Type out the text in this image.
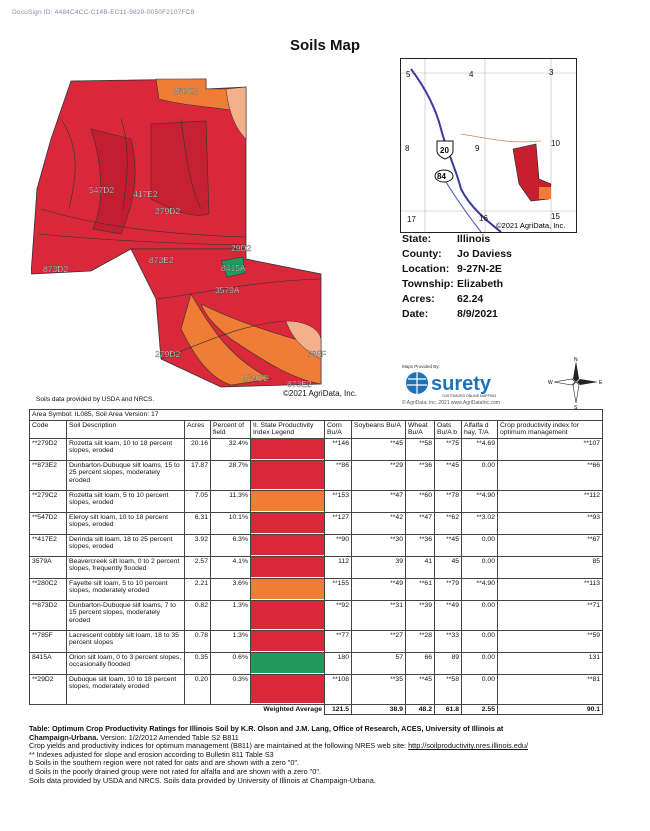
DocuSign ID: 4484C4CC-C14B-EC11-9820-0050F2107FC8
Soils Map
280C2
547D2 417E2
279D2
29D2
873E2
8415A
873D2
3579A
279D2	785F
279C2
873E2
©2021 AgriData, Inc.
Soils data provided by USDA and NRCS.
5	4	3
8	9
10
17	16	15
20
84
©2021 AgriData, Inc.
State: Illinois
County: Jo Daviess
Location: 9-27N-2E
Township: Elizabeth
Acres: 62.24
Date:	8/9/2021
Maps Provided By:
surety
CUSTOMIZED ONLINE MAPPING
© AgriData, Inc. 2021 www.AgriDataInc.com
N
S
W	E
Area Symbol: IL085, Soil Area Version: 17										
Code	Soil Description	Acres	Percent of field	II. State Productivity Index Legend	Corn Bu/A	Soybeans Bu/A	Wheat Bu/A	Oats Bu/A b	Alfalfa d hay, T/A	Crop productivity index for optimum management
**279D2	Rozetta silt loam, 10 to 18 percent slopes, eroded	20.16	32.4%		**146	**45	**58	**75	**4.69	**107
**873E2	Dunbarton-Dubuque silt loams, 15 to 25 percent slopes, moderately eroded	17.87	28.7%		**86	**29	**36	**45	0.00	**66
**279C2	Rozetta silt loam, 5 to 10 percent slopes, eroded	7.05	11.3%		**153	**47	**60	**78	**4.90	**112
**547D2	Eleroy silt loam, 10 to 18 percent slopes, eroded	6.31	10.1%		**127	**42	**47	**62	**3.02	**93
**417E2	Derinda silt loam, 18 to 25 percent slopes, eroded	3.92	6.3%		**90	**30	**36	**45	0.00	**67
3579A	Beavercreek silt loam, 0 to 2 percent slopes, frequently flooded	2.57	4.1%		112	39	41	45	0.00	85
**280C2	Fayette silt loam, 5 to 10 percent slopes, moderately eroded	2.21	3.6%		**155	**49	**61	**79	**4.90	**113
**873D2	Dunbarton-Dubuque silt loams, 7 to 15 percent slopes, moderately eroded	0.82	1.3%		**92	**31	**39	**49	0.00	**71
**785F	Lacrescent cobbly silt loam, 18 to 35 percent slopes	0.78	1.3%		**77	**27	**28	**33	0.00	**59
8415A	Orion silt loam, 0 to 3 percent slopes, occasionally flooded	0.35	0.6%		180	57	66	89	0.00	131
**29D2	Dubuque silt loam, 10 to 18 percent slopes, moderately eroded	0.20	0.3%		**108	**35	**45	**58	0.00	**81
Weighted Average					121.5	38.9	48.2	61.8	2.55	90.1
Table: Optimum Crop Productivity Ratings for Illinois Soil by K.R. Olson and J.M. Lang, Office of Research, ACES, University of Illinois at
Champaign-Urbana. Version: 1/2/2012 Amended Table S2 B811
Crop yields and productivity indices for optimum management (B811) are maintained at the following NRES web site: http://soilproductivity.nres.illinois.edu/
** Indexes adjusted for slope and erosion according to Bulletin 811 Table S3
b Soils in the southern region were not rated for oats and are shown with a zero "0".
d Soils in the poorly drained group were not rated for alfalfa and are shown with a zero "0".
Soils data provided by USDA and NRCS. Soils data provided by University of Illinois at Champaign-Urbana.
